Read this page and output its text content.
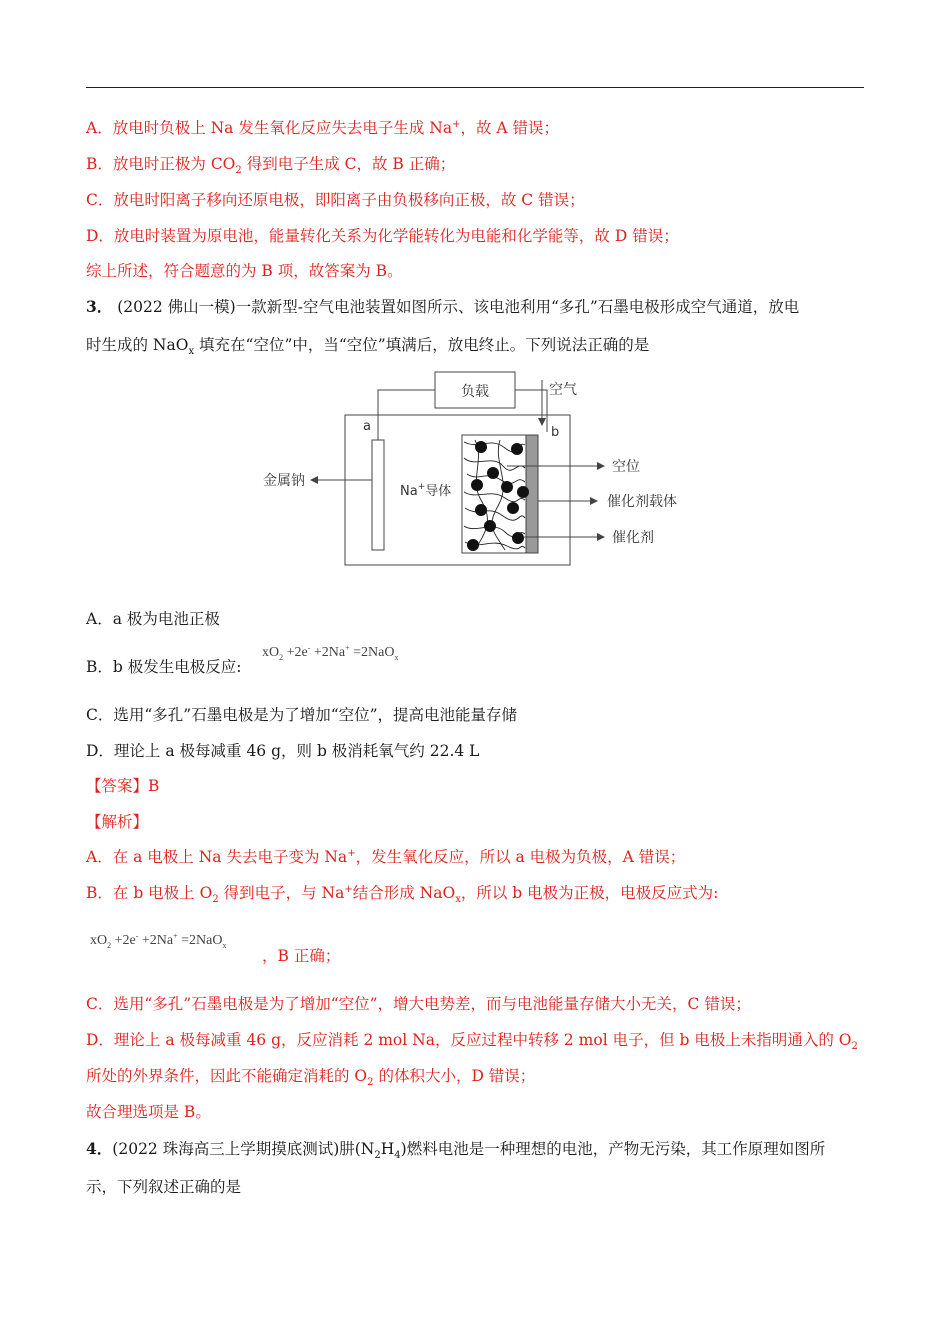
A．放电时负极上 Na 发生氧化反应失去电子生成 Na+，故 A 错误；
B．放电时正极为 $CO_2$ 得到电子生成 C，故 B 正确；
C．放电时阳离子移向还原电极，即阳离子由负极移向正极，故 C 错误；
D．放电时装置为原电池，能量转化关系为化学能转化为电能和化学能等，故 D 错误；
综上所述，符合题意的为 B 项，故答案为 B。
3． (2022 佛山一模)一款新型-空气电池装置如图所示、该电池利用“多孔”石墨电极形成空气通道，放电
时生成的 NaO$_x$ 填充在“空位”中，当“空位”填满后，放电终止。下列说法正确的是
负载	空气
a	b
金属钠
Na+导体
空位
催化剂载体
催化剂
A．a 极为电池正极
B．b 极发生电极反应:
$xO_2 +2e^- +2Na^+ =2NaO_x$
C．选用“多孔”石墨电极是为了增加“空位”，提高电池能量存储
D．理论上 a 极每减重 46 g，则 b 极消耗氧气约 22.4 L
【答案】B
【解析】
A．在 a 电极上 Na 失去电子变为 Na+，发生氧化反应，所以 a 电极为负极，A 错误；
B．在 b 电极上 $O_2$ 得到电子，与 Na+结合形成 NaO$_x$，所以 b 电极为正极，电极反应式为:
$xO_2 +2e^- +2Na^+ =2NaO_x$
，B 正确；
C．选用“多孔”石墨电极是为了增加“空位”，增大电势差，而与电池能量存储大小无关，C 错误；
D．理论上 a 极每减重 46 g，反应消耗 2 mol Na，反应过程中转移 2 mol 电子，但 b 电极上未指明通入的 $O_2$
所处的外界条件，因此不能确定消耗的 $O_2$ 的体积大小，D 错误；
故合理选项是 B。
4．(2022 珠海高三上学期摸底测试)肼$(N_2H_4)$燃料电池是一种理想的电池，产物无污染，其工作原理如图所
示，下列叙述正确的是
